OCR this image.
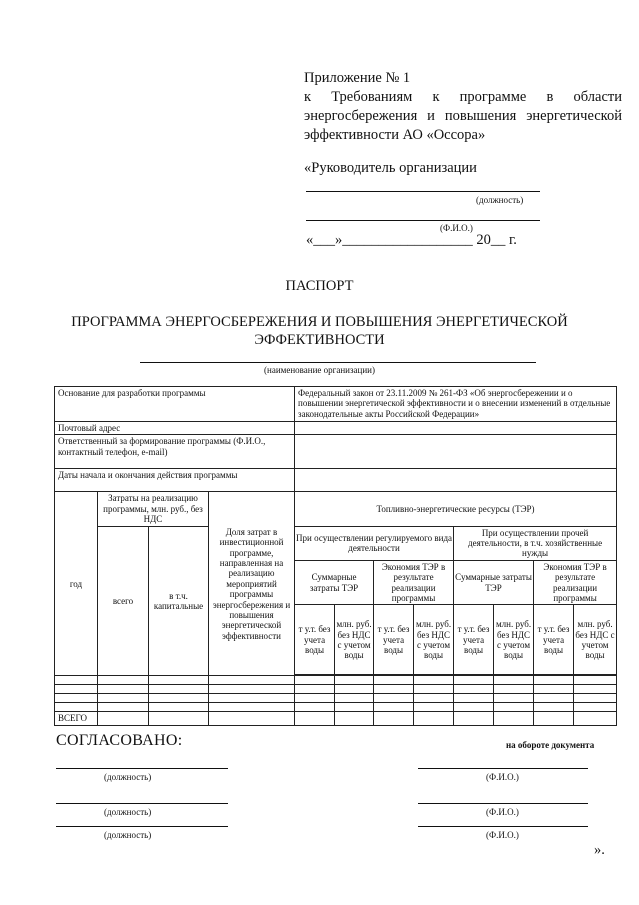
Приложение № 1
к Требованиям к программе в области
энергосбережения и повышения энергетической
эффективности АО «Оссора»
«Руководитель организации
(должность)
(Ф.И.О.)
«___»__________________ 20__ г.
ПАСПОРТ
ПРОГРАММА ЭНЕРГОСБЕРЕЖЕНИЯ И ПОВЫШЕНИЯ ЭНЕРГЕТИЧЕСКОЙ
ЭФФЕКТИВНОСТИ
(наименование организации)
Основание для разработки программы				Федеральный закон от 23.11.2009 № 261-ФЗ «Об энергосбережении и о повышении энергетической эффективности и о внесении изменений в отдельные законодательные акты Российской Федерации»							
Почтовый адрес											
Ответственный за формирование программы (Ф.И.О., контактный телефон, e-mail)											
Даты начала и окончания действия программы											
год	Затраты на реализацию программы, млн. руб., без НДС		Доля затрат в инвестиционной программе, направленная на реализацию мероприятий программы энергосбережения и повышения энергетической эффективности	Топливно-энергетические ресурсы (ТЭР)							
	всего	в т.ч. капитальные		При осуществлении регулируемого вида деятельности				При осуществлении прочей деятельности, в т.ч. хозяйственные нужды			
				Суммарные затраты ТЭР		Экономия ТЭР в результате реализации программы		Суммарные затраты ТЭР		Экономия ТЭР в результате реализации программы	
				т у.т. без учета воды	млн. руб. без НДС с учетом воды	т у.т. без учета воды	млн. руб. без НДС с учетом воды	т у.т. без учета воды	млн. руб. без НДС с учетом воды	т у.т. без учета воды	млн. руб. без НДС с учетом воды

ВСЕГО											
СОГЛАСОВАНО:	на обороте документа
(должность)	(Ф.И.О.)
(должность)	(Ф.И.О.)
(должность)	(Ф.И.О.)
».
